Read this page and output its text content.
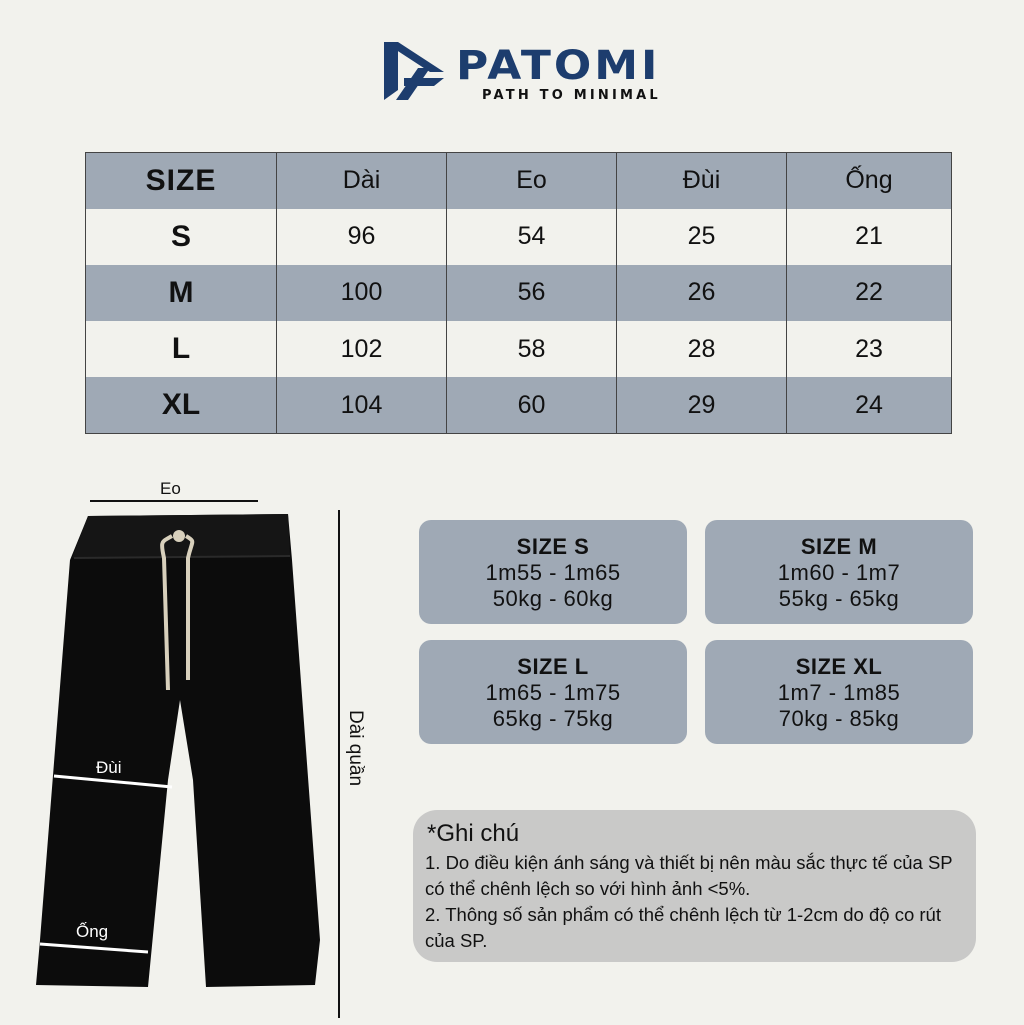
PATOMI
PATH TO MINIMAL
SIZE	Dài	Eo	Đùi	Ống
S	96	54	25	21
M	100	56	26	22
L	102	58	28	23
XL	104	60	29	24
Eo
Đùi
Ống
Dài quần
SIZE S
1m55 - 1m65
50kg - 60kg
SIZE M
1m60 - 1m7
55kg - 65kg
SIZE L
1m65 - 1m75
65kg - 75kg
SIZE XL
1m7 - 1m85
70kg - 85kg
*Ghi chú
1. Do điều kiện ánh sáng và thiết bị nên màu sắc thực tế của SP có thể chênh lệch so với hình ảnh <5%.
2. Thông số sản phẩm có thể chênh lệch từ 1-2cm do độ co rút của SP.
